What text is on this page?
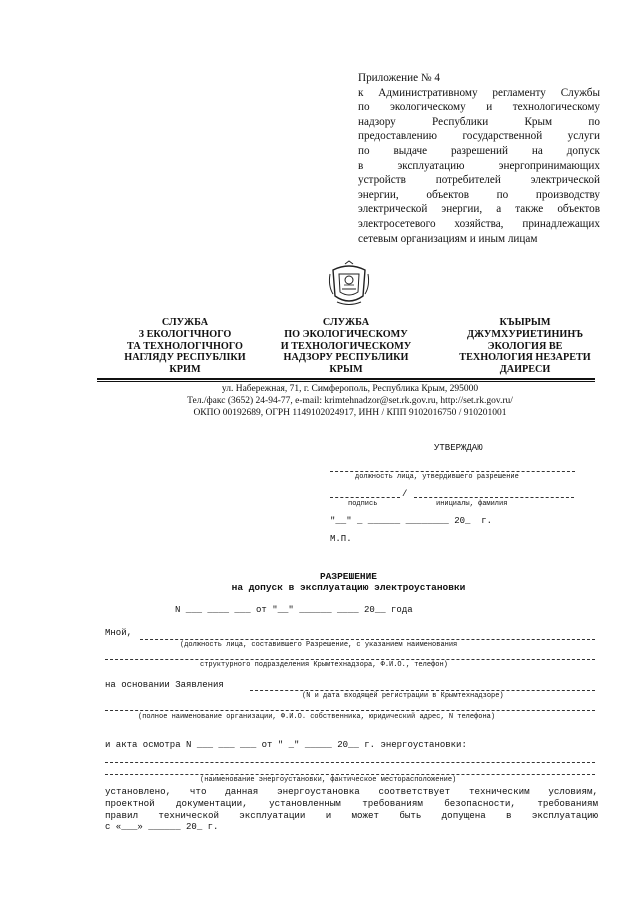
Приложение № 4
к Административному регламенту Службы
по экологическому и технологическому
надзору Республики Крым по
предоставлению государственной услуги
по выдаче разрешений на допуск
в эксплуатацию энергопринимающих
устройств потребителей электрической
энергии, объектов по производству
электрической энергии, а также объектов
электросетевого хозяйства, принадлежащих
сетевым организациям и иным лицам
СЛУЖБА
З ЕКОЛОГІЧНОГО
ТА ТЕХНОЛОГІЧНОГО
НАГЛЯДУ РЕСПУБЛІКИ
КРИМ
СЛУЖБА
ПО ЭКОЛОГИЧЕСКОМУ
И ТЕХНОЛОГИЧЕСКОМУ
НАДЗОРУ РЕСПУБЛИКИ
КРЫМ
КЪЫРЫМ
ДЖУМХУРИЕТИНИНЪ
ЭКОЛОГИЯ ВЕ
ТЕХНОЛОГИЯ НЕЗАРЕТИ
ДАИРЕСИ
ул. Набережная, 71, г. Симферополь, Республика Крым, 295000
Тел./факс (3652) 24-94-77, e-mail: krimtehnadzor@set.rk.gov.ru, http://set.rk.gov.ru/
ОКПО 00192689, ОГРН 1149102024917, ИНН / КПП 9102016750 / 910201001
УТВЕРЖДАЮ
должность лица, утвердившего разрешение
/
подпись	инициалы, фамилия
"__" _ ______ ________ 20_  г.
М.П.
РАЗРЕШЕНИЕ
на допуск в эксплуатацию электроустановки
N ___ ____ ___ от "__" ______ ____ 20__ года
Мной,
(должность лица, составившего Разрешение, с указанием наименования
структурного подразделения Крымтехнадзора, Ф.И.О., телефон)
на основании Заявления
(N и дата входящей регистрации в Крымтехнадзоре)
(полное наименование организации, Ф.И.О. собственника, юридический адрес, N телефона)
и акта осмотра N ___ ___ ___ от " _" _____ 20__ г. энергоустановки:
(наименование энергоустановки, фактическое месторасположение)
установлено, что данная энергоустановка соответствует техническим условиям,
проектной документации, установленным требованиям безопасности, требованиям
правил технической эксплуатации и может быть допущена в эксплуатацию
с «___» ______ 20_ г.
